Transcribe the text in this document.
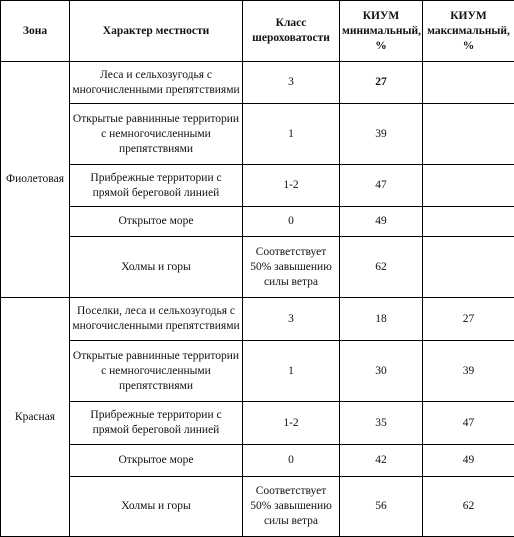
Зона	Характер местности	Класс шероховатости	КИУМ минимальный, %	КИУМ максимальный, %
Фиолетовая	Леса и сельхозугодья с многочисленными препятствиями	3	27	
	Открытые равнинные территории с немногочисленными препятствиями	1	39	
	Прибрежные территории с прямой береговой линией	1-2	47	
	Открытое море	0	49	
	Холмы и горы	Соответствует 50% завышению силы ветра	62	
Красная	Поселки, леса и сельхозугодья с многочисленными препятствиями	3	18	27
	Открытые равнинные территории с немногочисленными препятствиями	1	30	39
	Прибрежные территории с прямой береговой линией	1-2	35	47
	Открытое море	0	42	49
	Холмы и горы	Соответствует 50% завышению силы ветра	56	62
